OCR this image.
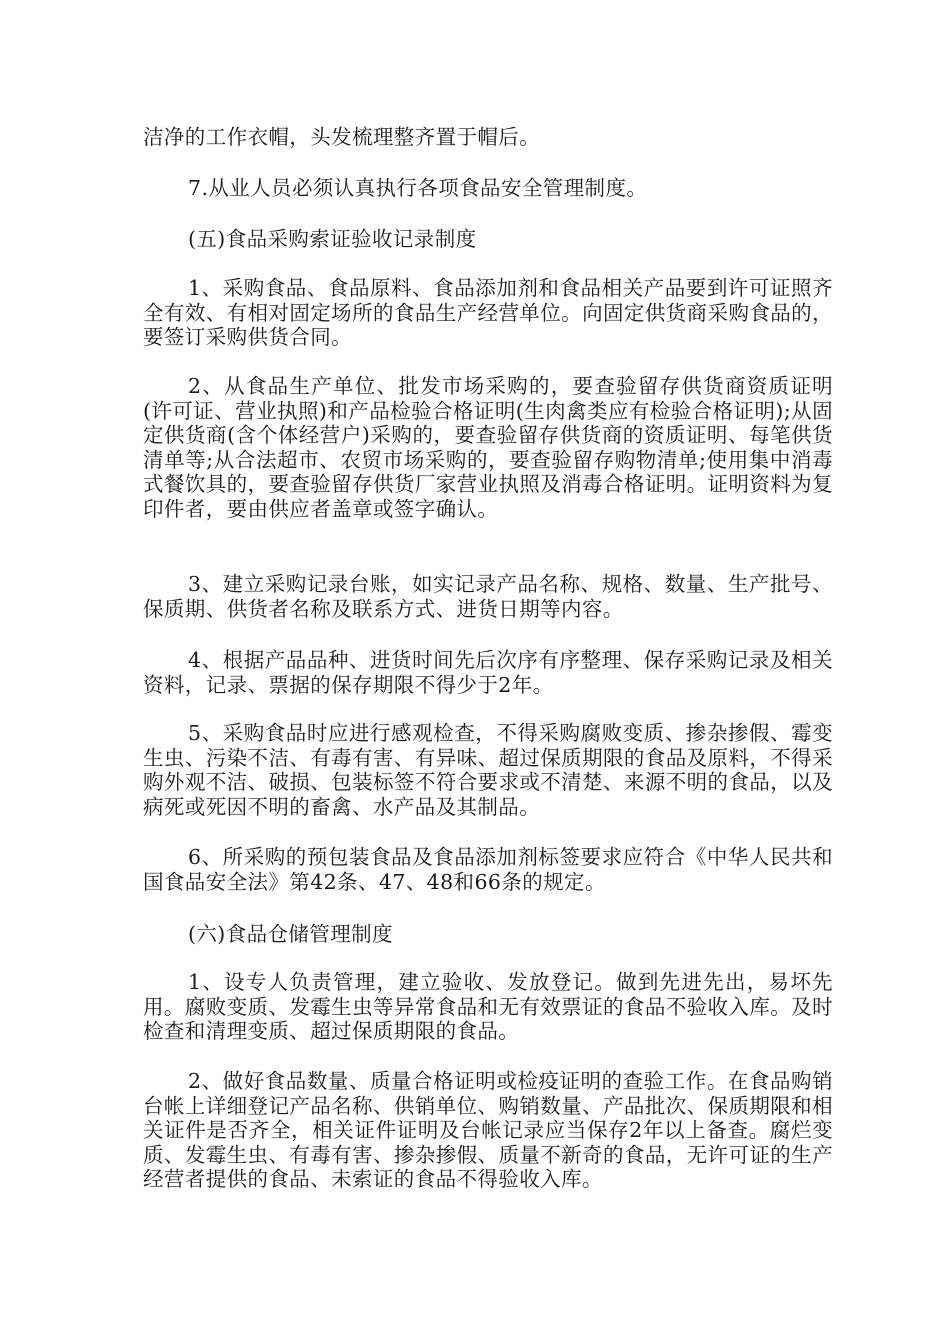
洁净的工作衣帽，头发梳理整齐置于帽后。

7.从业人员必须认真执行各项食品安全管理制度。

(五)食品采购索证验收记录制度

1、采购食品、食品原料、食品添加剂和食品相关产品要到许可证照齐全有效、有相对固定场所的食品生产经营单位。向固定供货商采购食品的，要签订采购供货合同。

2、从食品生产单位、批发市场采购的，要查验留存供货商资质证明(许可证、营业执照)和产品检验合格证明(生肉禽类应有检验合格证明);从固定供货商(含个体经营户)采购的，要查验留存供货商的资质证明、每笔供货清单等;从合法超市、农贸市场采购的，要查验留存购物清单;使用集中消毒式餐饮具的，要查验留存供货厂家营业执照及消毒合格证明。证明资料为复印件者，要由供应者盖章或签字确认。

3、建立采购记录台账，如实记录产品名称、规格、数量、生产批号、保质期、供货者名称及联系方式、进货日期等内容。

4、根据产品品种、进货时间先后次序有序整理、保存采购记录及相关资料，记录、票据的保存期限不得少于2年。

5、采购食品时应进行感观检查，不得采购腐败变质、掺杂掺假、霉变生虫、污染不洁、有毒有害、有异味、超过保质期限的食品及原料，不得采购外观不洁、破损、包装标签不符合要求或不清楚、来源不明的食品，以及病死或死因不明的畜禽、水产品及其制品。

6、所采购的预包装食品及食品添加剂标签要求应符合《中华人民共和国食品安全法》第42条、47、48和66条的规定。

(六)食品仓储管理制度

1、设专人负责管理，建立验收、发放登记。做到先进先出，易坏先用。腐败变质、发霉生虫等异常食品和无有效票证的食品不验收入库。及时检查和清理变质、超过保质期限的食品。

2、做好食品数量、质量合格证明或检疫证明的查验工作。在食品购销台帐上详细登记产品名称、供销单位、购销数量、产品批次、保质期限和相关证件是否齐全，相关证件证明及台帐记录应当保存2年以上备查。腐烂变质、发霉生虫、有毒有害、掺杂掺假、质量不新奇的食品，无许可证的生产经营者提供的食品、未索证的食品不得验收入库。
